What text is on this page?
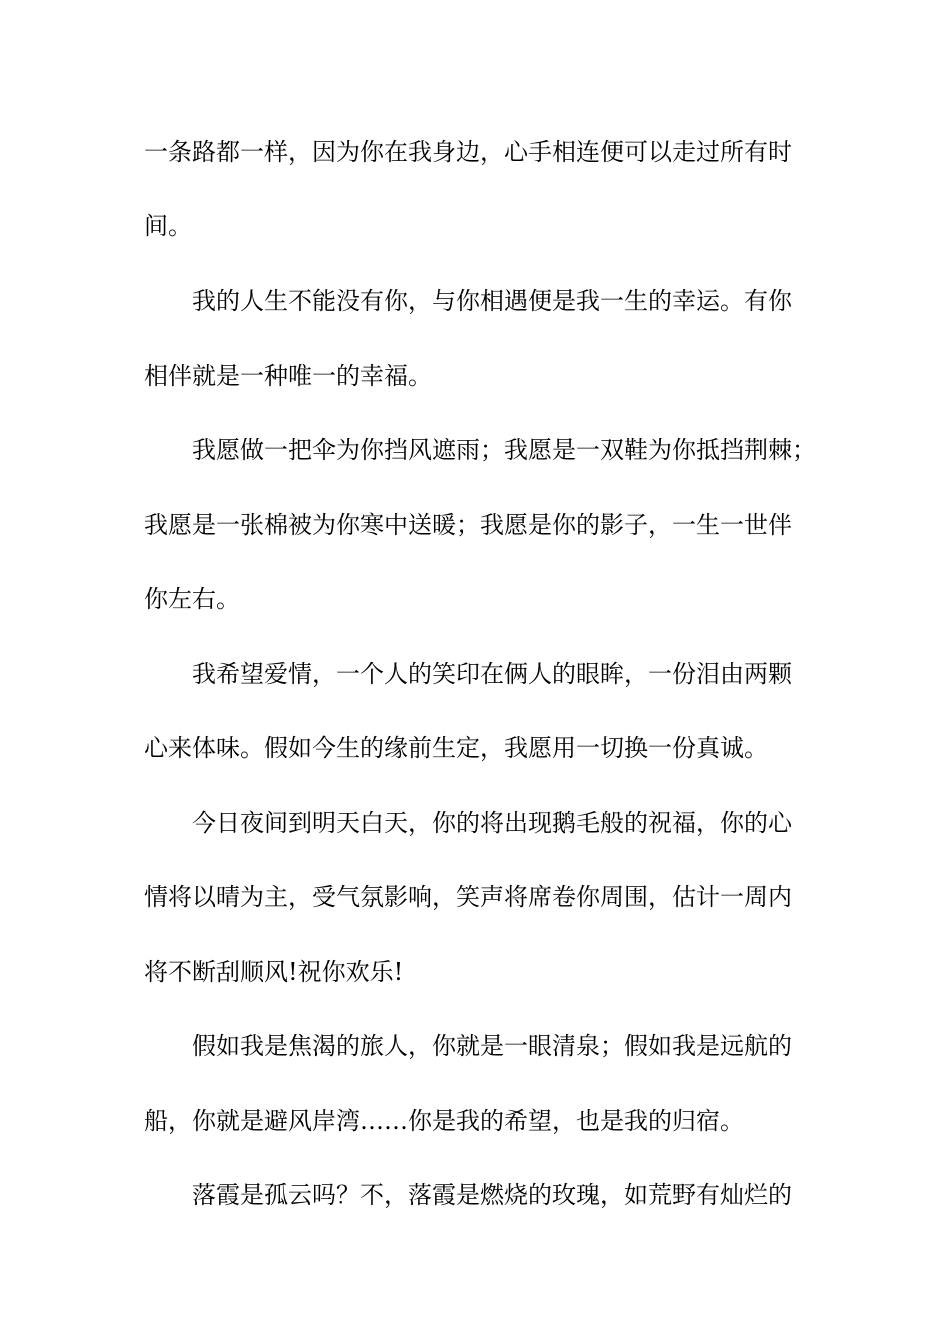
一条路都一样，因为你在我身边，心手相连便可以走过所有时
间。
我的人生不能没有你，与你相遇便是我一生的幸运。有你
相伴就是一种唯一的幸福。
我愿做一把伞为你挡风遮雨；我愿是一双鞋为你抵挡荆棘；
我愿是一张棉被为你寒中送暖；我愿是你的影子，一生一世伴
你左右。
我希望爱情，一个人的笑印在俩人的眼眸，一份泪由两颗
心来体味。假如今生的缘前生定，我愿用一切换一份真诚。
今日夜间到明天白天，你的将出现鹅毛般的祝福，你的心
情将以晴为主，受气氛影响，笑声将席卷你周围，估计一周内
将不断刮顺风!祝你欢乐!
假如我是焦渴的旅人，你就是一眼清泉；假如我是远航的
船，你就是避风岸湾……你是我的希望，也是我的归宿。
落霞是孤云吗？不，落霞是燃烧的玫瑰，如荒野有灿烂的
